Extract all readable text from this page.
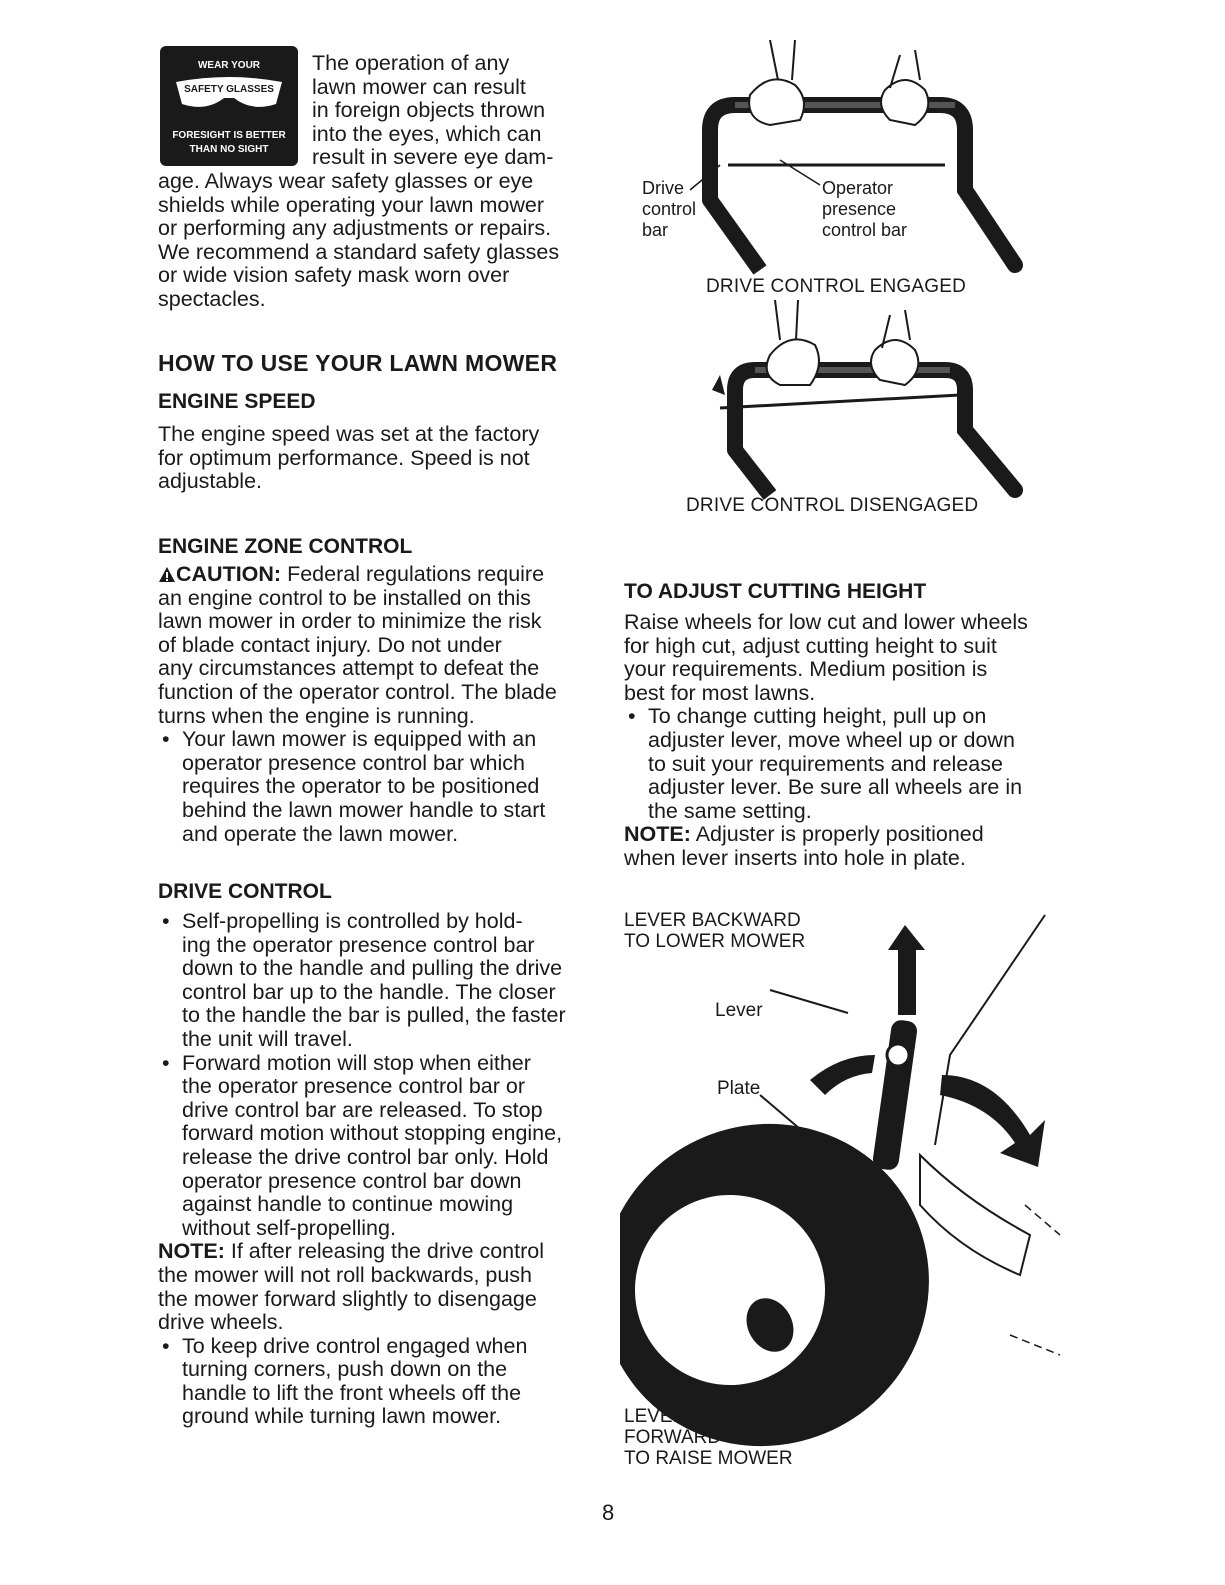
WEAR YOUR
SAFETY GLASSES
FORESIGHT IS BETTER
THAN NO SIGHT
The operation of any
lawn mower can result
in foreign objects thrown
into the eyes, which can
result in severe eye dam-
age. Always wear safety glasses or eye
shields while operating your lawn mower
or performing any adjustments or repairs.
We recommend a standard safety glasses
or wide vision safety mask worn over
spectacles.
HOW TO USE YOUR LAWN MOWER
ENGINE SPEED
The engine speed was set at the factory
for optimum performance. Speed is not
adjustable.
ENGINE ZONE CONTROL
CAUTION: Federal regulations require
an engine control to be installed on this
lawn mower in order to minimize the risk
of blade contact injury. Do not under
any circumstances attempt to defeat the
function of the operator control. The blade
turns when the engine is running.
• Your lawn mower is equipped with an
operator presence control bar which
requires the operator to be positioned
behind the lawn mower handle to start
and operate the lawn mower.
DRIVE CONTROL
• Self-propelling is controlled by hold-
ing the operator presence control bar
down to the handle and pulling the drive
control bar up to the handle. The closer
to the handle the bar is pulled, the faster
the unit will travel.
• Forward motion will stop when either
the operator presence control bar or
drive control bar are released. To stop
forward motion without stopping engine,
release the drive control bar only. Hold
operator presence control bar down
against handle to continue mowing
without self-propelling.
NOTE: If after releasing the drive control
the mower will not roll backwards, push
the mower forward slightly to disengage
drive wheels.
• To keep drive control engaged when
turning corners, push down on the
handle to lift the front wheels off the
ground while turning lawn mower.
Drive
control
bar
Operator
presence
control bar
DRIVE CONTROL ENGAGED
DRIVE CONTROL DISENGAGED
TO ADJUST CUTTING HEIGHT
Raise wheels for low cut and lower wheels
for high cut, adjust cutting height to suit
your requirements. Medium position is
best for most lawns.
• To change cutting height, pull up on
adjuster lever, move wheel up or down
to suit your requirements and release
adjuster lever. Be sure all wheels are in
the same setting.
NOTE: Adjuster is properly positioned
when lever inserts into hole in plate.
LEVER BACKWARD
TO LOWER MOWER
Lever
Plate
LEVER
FORWARD
TO RAISE MOWER
8
